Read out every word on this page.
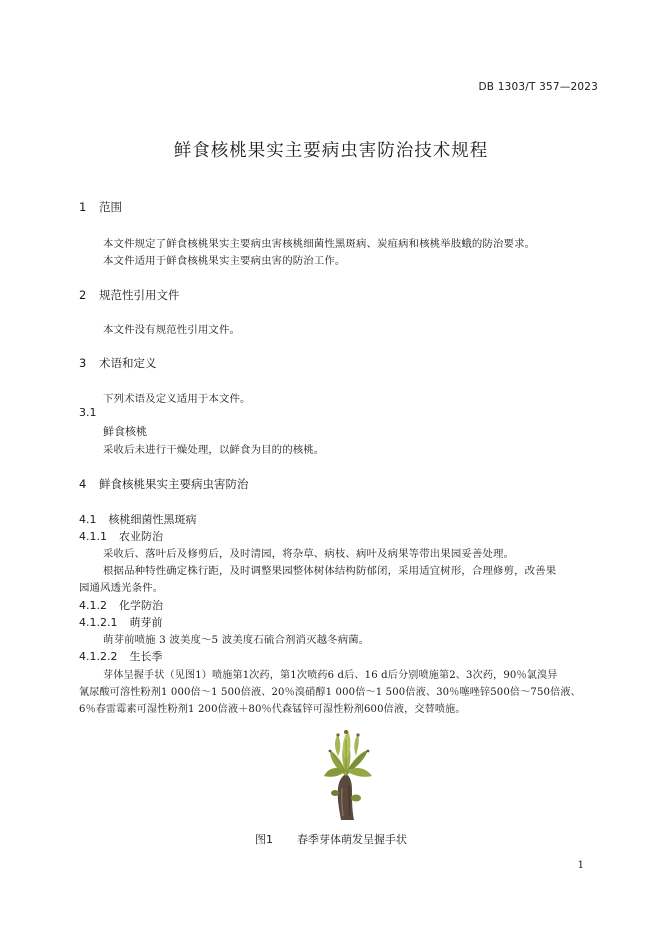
DB 1303/T 357—2023
鲜食核桃果实主要病虫害防治技术规程
1 范围
本文件规定了鲜食核桃果实主要病虫害核桃细菌性黑斑病、炭疽病和核桃举肢蛾的防治要求。
本文件适用于鲜食核桃果实主要病虫害的防治工作。
2 规范性引用文件
本文件没有规范性引用文件。
3 术语和定义
下列术语及定义适用于本文件。
3.1
鲜食核桃
采收后未进行干燥处理，以鲜食为目的的核桃。
4 鲜食核桃果实主要病虫害防治
4.1 核桃细菌性黑斑病
4.1.1 农业防治
采收后、落叶后及修剪后，及时清园，将杂草、病枝、病叶及病果等带出果园妥善处理。
根据品种特性确定株行距，及时调整果园整体树体结构防郁闭，采用适宜树形，合理修剪，改善果
园通风透光条件。
4.1.2 化学防治
4.1.2.1 萌芽前
萌芽前喷施 3 波美度～5 波美度石硫合剂消灭越冬病菌。
4.1.2.2 生长季
芽体呈握手状（见图1）喷施第1次药，第1次喷药6 d后、16 d后分别喷施第2、3次药，90％氯溴异
氰尿酸可溶性粉剂1 000倍～1 500倍液、20％溴硝醇1 000倍～1 500倍液、30％噻唑锌500倍～750倍液、
6％春雷霉素可湿性粉剂1 200倍液＋80％代森锰锌可湿性粉剂600倍液，交替喷施。
图1 春季芽体萌发呈握手状
1
